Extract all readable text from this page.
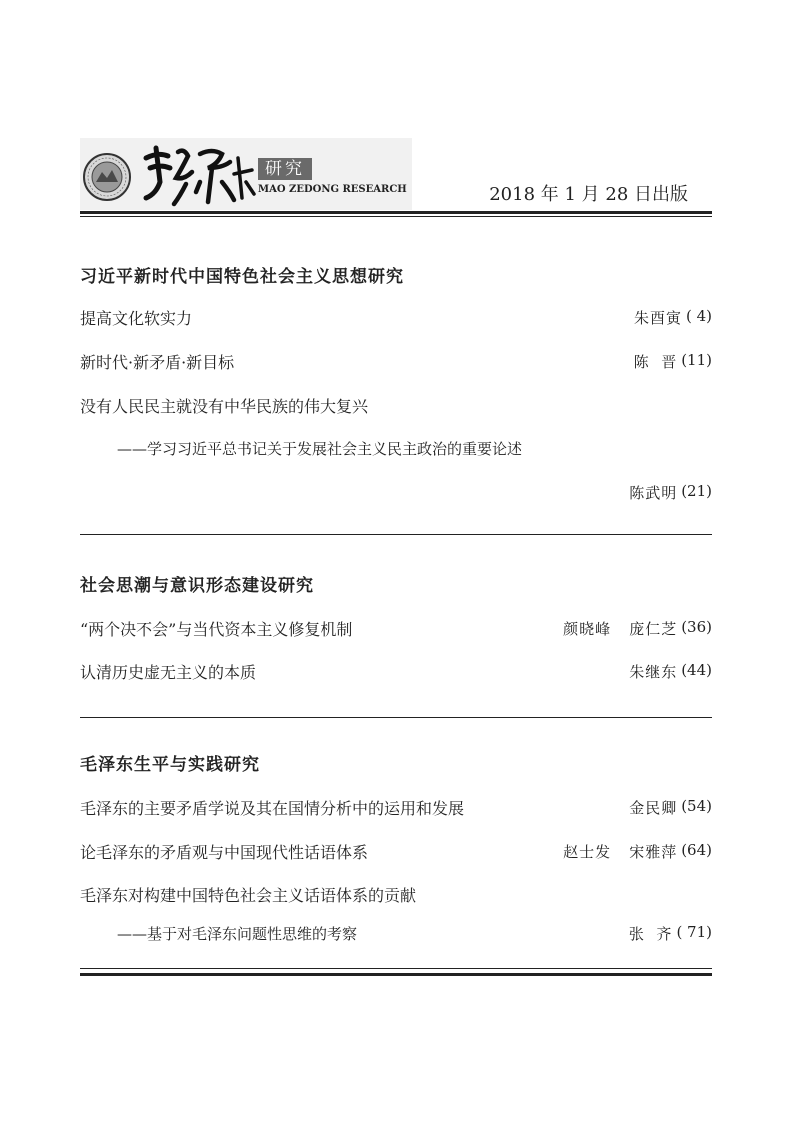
研究
MAO ZEDONG RESEARCH	2018 年 1 月 28 日出版
习近平新时代中国特色社会主义思想研究
提高文化软实力	朱酉寅 ( 4)
新时代·新矛盾·新目标	陈  晋 (11)
没有人民民主就没有中华民族的伟大复兴
——学习习近平总书记关于发展社会主义民主政治的重要论述
陈武明 (21)
社会思潮与意识形态建设研究
“两个决不会”与当代资本主义修复机制	颜晓峰 庞仁芝 (36)
认清历史虚无主义的本质	朱继东 (44)
毛泽东生平与实践研究
毛泽东的主要矛盾学说及其在国情分析中的运用和发展	金民卿 (54)
论毛泽东的矛盾观与中国现代性话语体系	赵士发 宋雅萍 (64)
毛泽东对构建中国特色社会主义话语体系的贡献
——基于对毛泽东问题性思维的考察	张  齐 ( 71)
